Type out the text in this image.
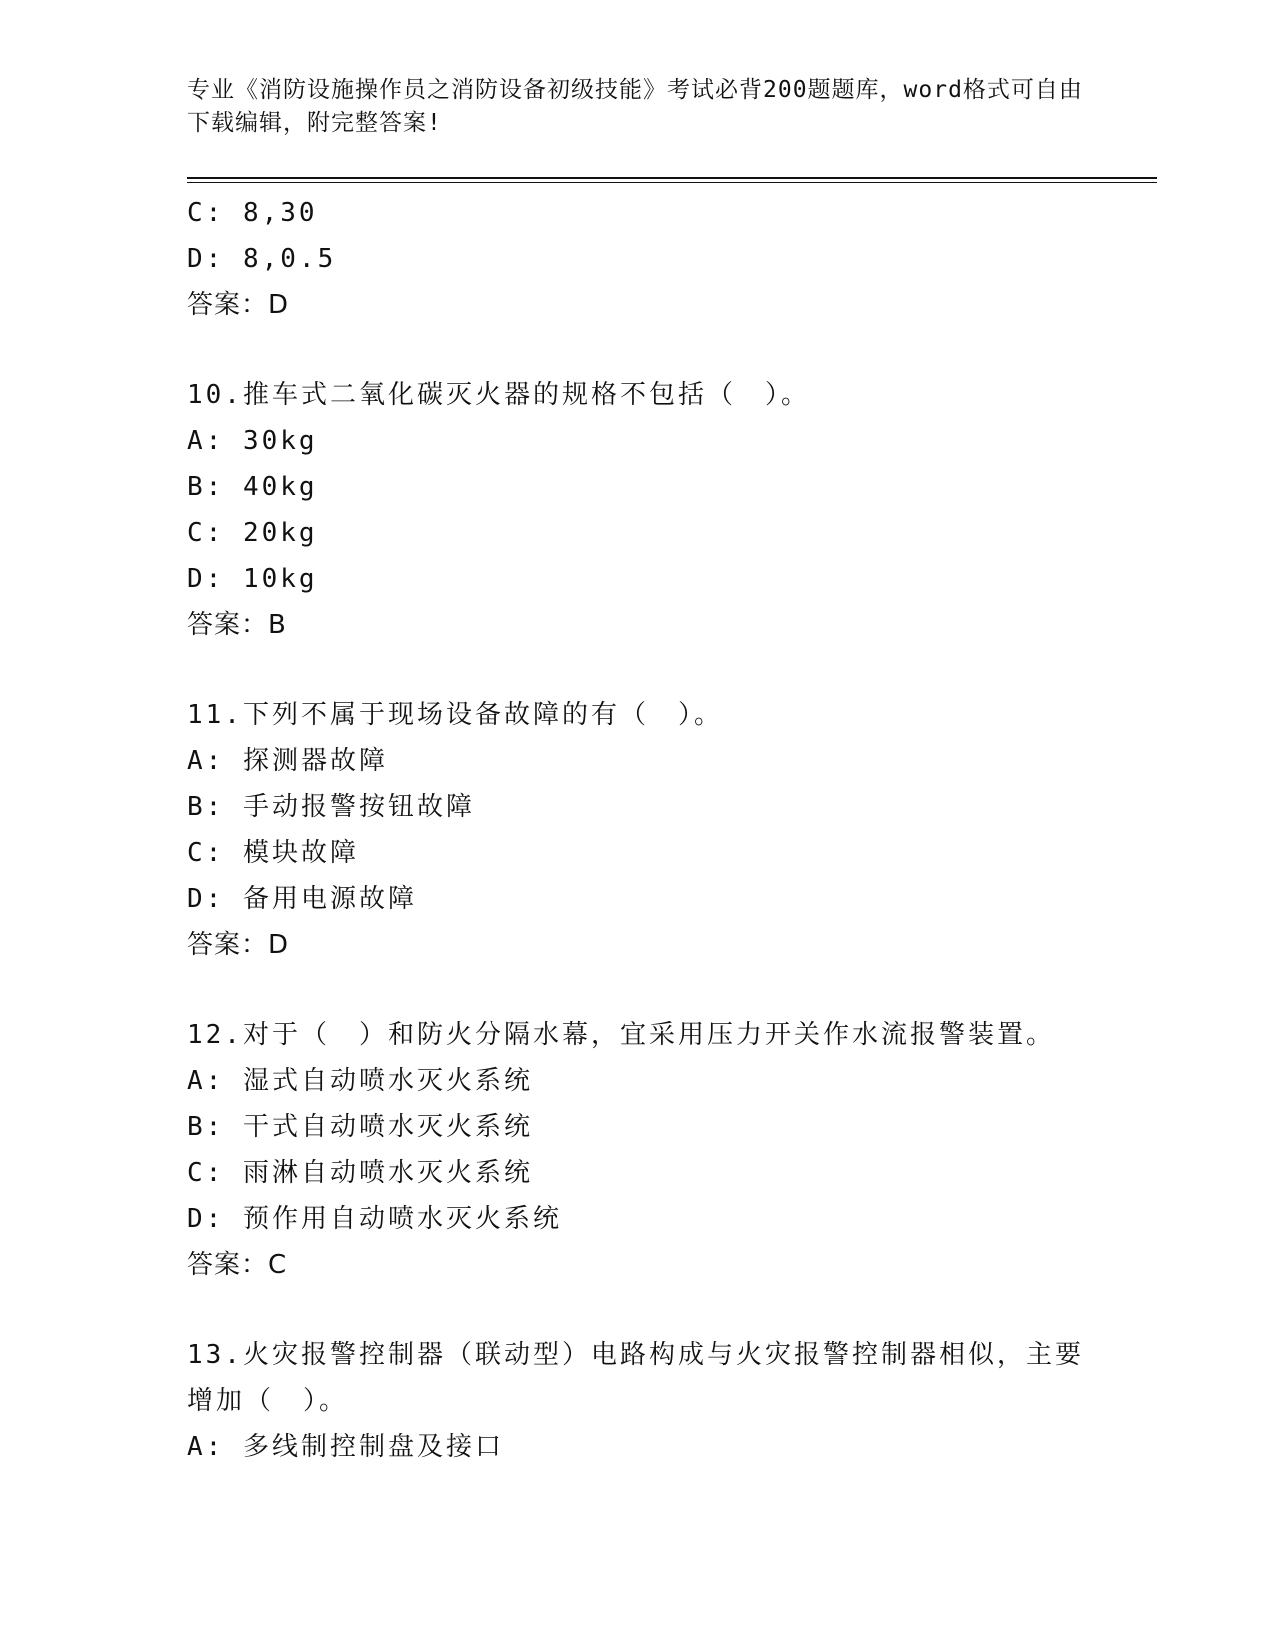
专业《消防设施操作员之消防设备初级技能》考试必背200题题库，word格式可自由下载编辑，附完整答案!
C: 8,30
D: 8,0.5
答案：D
10.推车式二氧化碳灭火器的规格不包括（　）。
A: 30kg
B: 40kg
C: 20kg
D: 10kg
答案：B
11.下列不属于现场设备故障的有（　）。
A: 探测器故障
B: 手动报警按钮故障
C: 模块故障
D: 备用电源故障
答案：D
12.对于（　）和防火分隔水幕，宜采用压力开关作水流报警装置。
A: 湿式自动喷水灭火系统
B: 干式自动喷水灭火系统
C: 雨淋自动喷水灭火系统
D: 预作用自动喷水灭火系统
答案：C
13.火灾报警控制器（联动型）电路构成与火灾报警控制器相似，主要增加（　）。
A: 多线制控制盘及接口
